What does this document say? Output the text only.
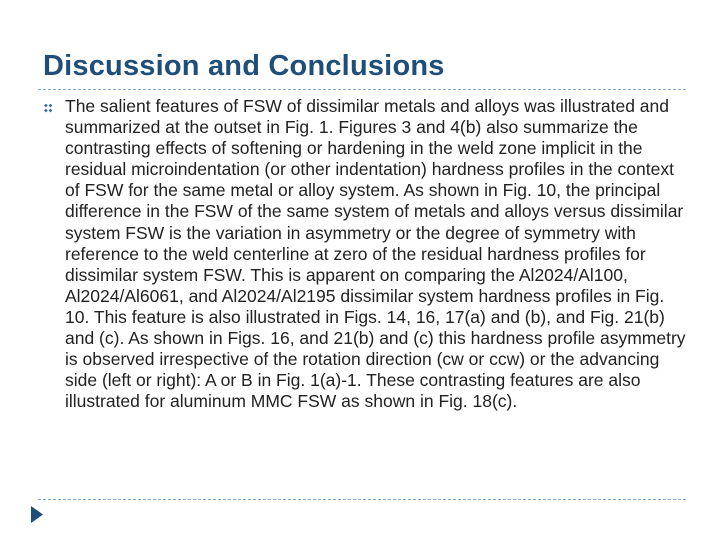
Discussion and Conclusions

The salient features of FSW of dissimilar metals and alloys was illustrated and summarized at the outset in Fig. 1. Figures 3 and 4(b) also summarize the contrasting effects of softening or hardening in the weld zone implicit in the residual microindentation (or other indentation) hardness profiles in the context of FSW for the same metal or alloy system. As shown in Fig. 10, the principal difference in the FSW of the same system of metals and alloys versus dissimilar system FSW is the variation in asymmetry or the degree of symmetry with reference to the weld centerline at zero of the residual hardness profiles for dissimilar system FSW. This is apparent on comparing the Al2024/Al100, Al2024/Al6061, and Al2024/Al2195 dissimilar system hardness profiles in Fig. 10. This feature is also illustrated in Figs. 14, 16, 17(a) and (b), and Fig. 21(b) and (c). As shown in Figs. 16, and 21(b) and (c) this hardness profile asymmetry is observed irrespective of the rotation direction (cw or ccw) or the advancing side (left or right): A or B in Fig. 1(a)-1. These contrasting features are also illustrated for aluminum MMC FSW as shown in Fig. 18(c).
